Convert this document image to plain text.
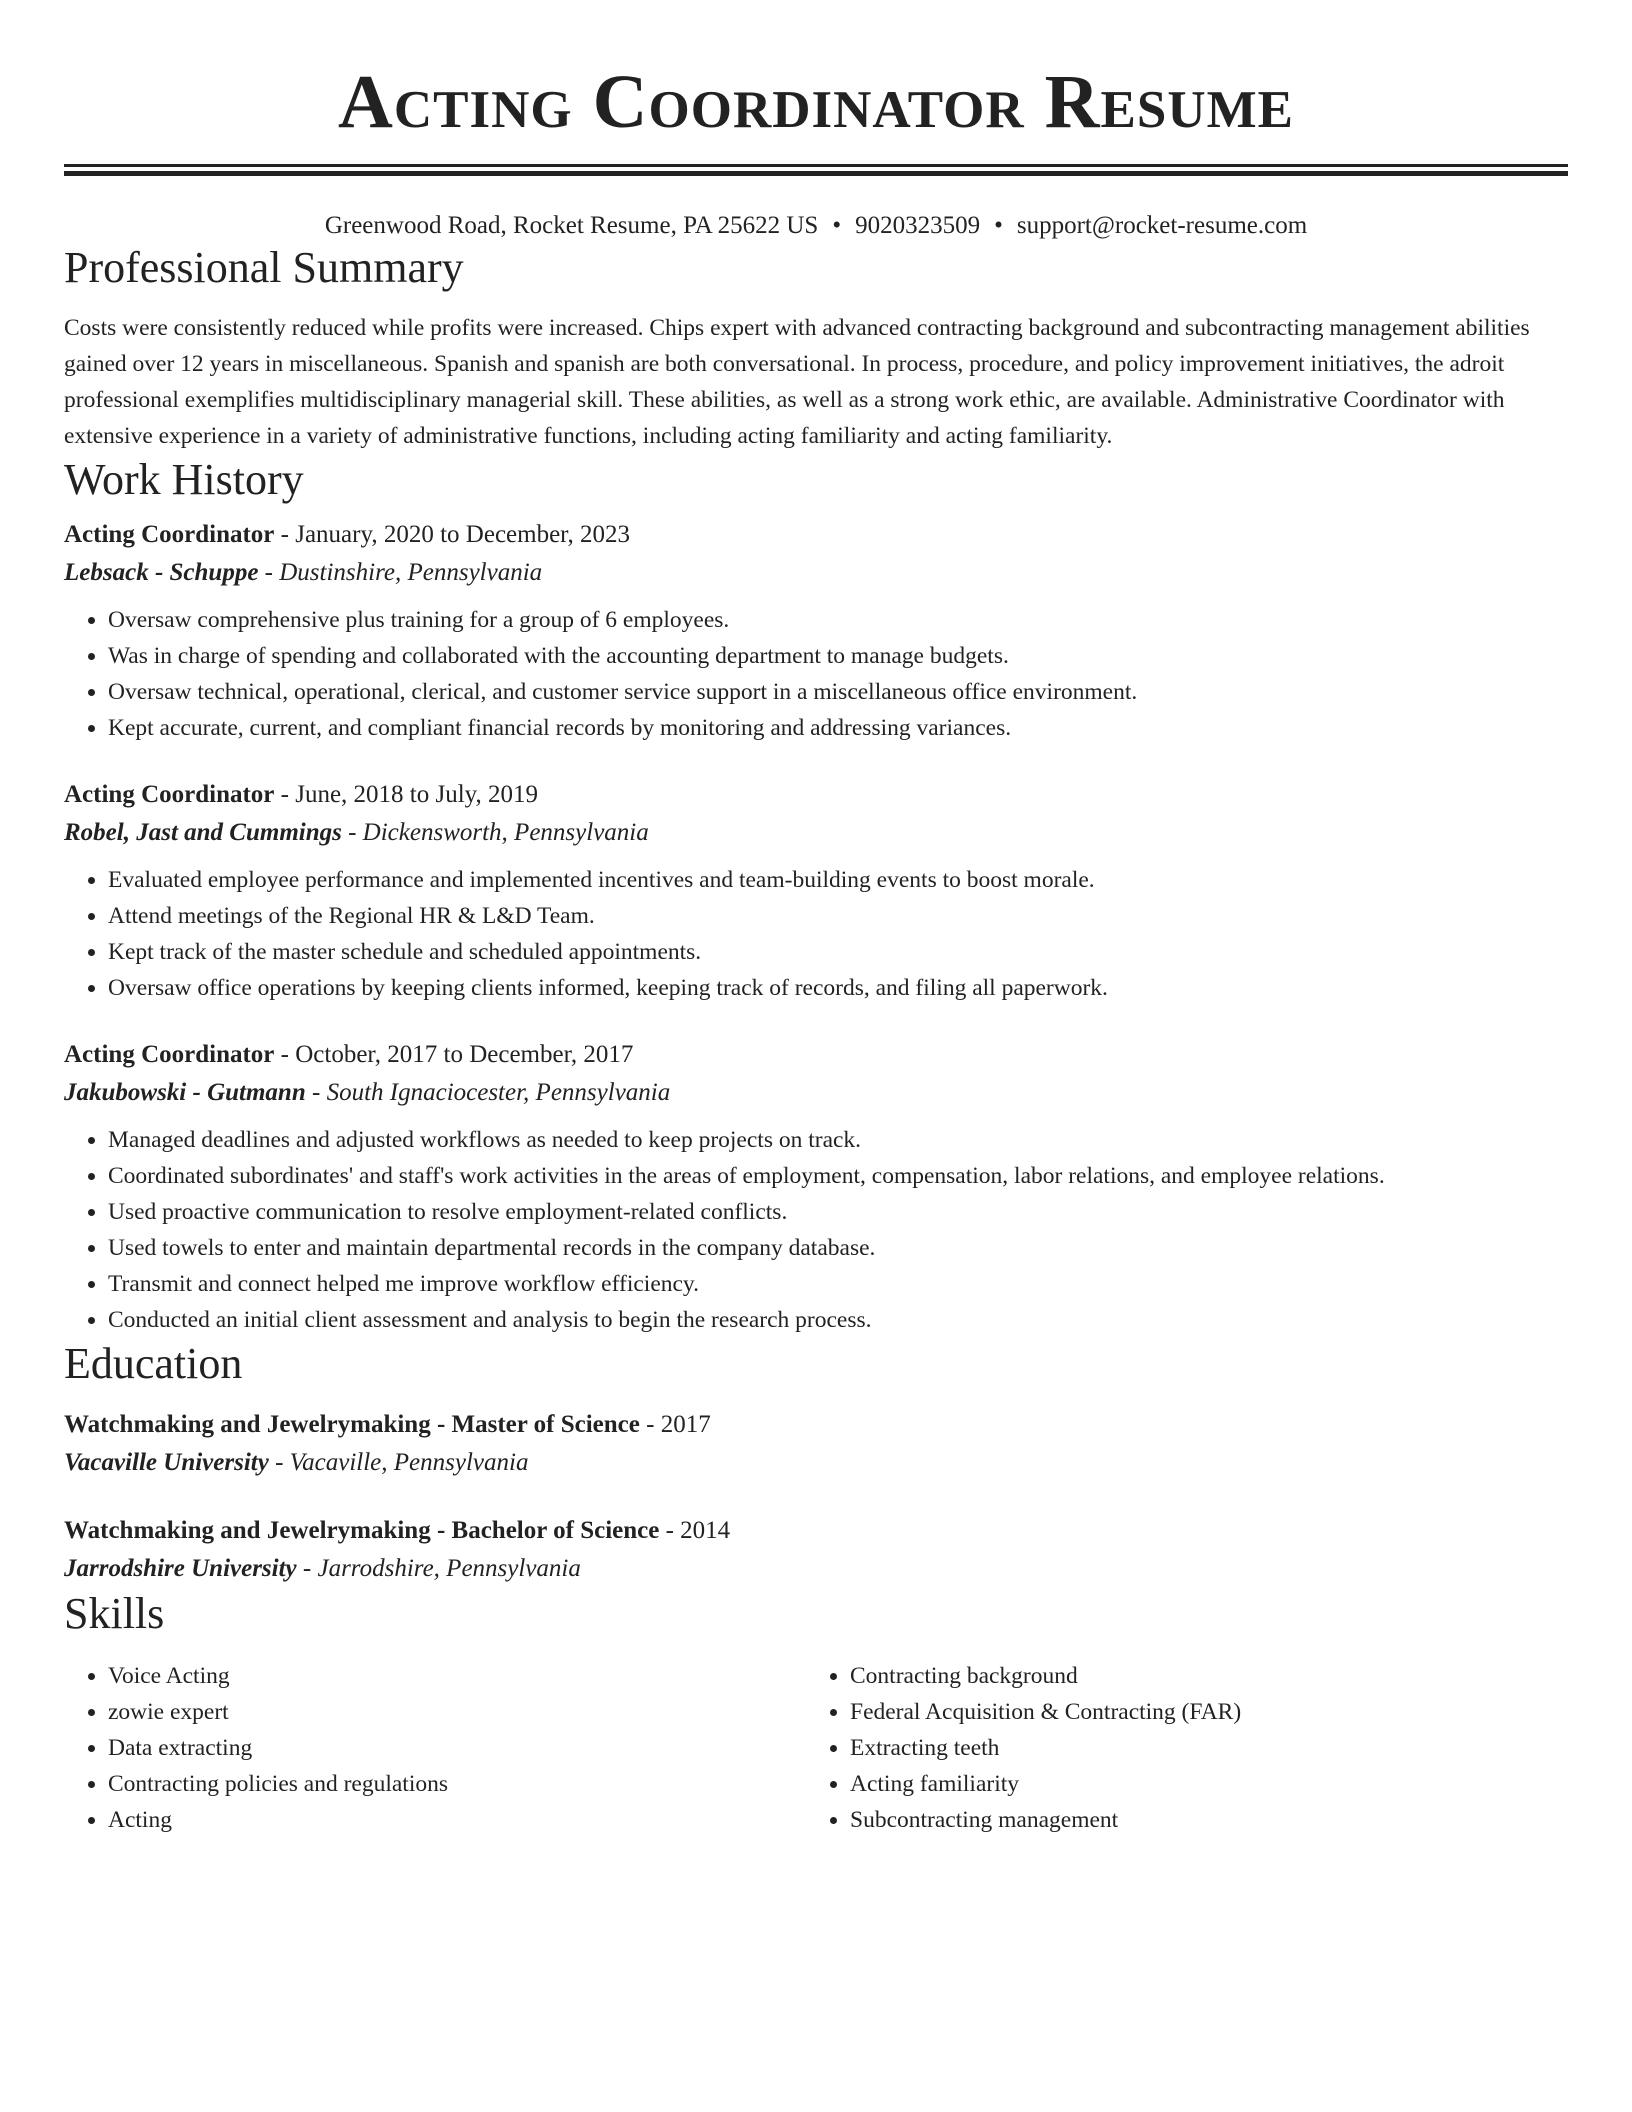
Acting Coordinator Resume
Greenwood Road, Rocket Resume, PA 25622 US • 9020323509 • support@rocket-resume.com
Professional Summary

Costs were consistently reduced while profits were increased. Chips expert with advanced contracting background and subcontracting management abilities gained over 12 years in miscellaneous. Spanish and spanish are both conversational. In process, procedure, and policy improvement initiatives, the adroit professional exemplifies multidisciplinary managerial skill. These abilities, as well as a strong work ethic, are available. Administrative Coordinator with extensive experience in a variety of administrative functions, including acting familiarity and acting familiarity.

Work History
Acting Coordinator - January, 2020 to December, 2023
Lebsack - Schuppe - Dustinshire, Pennsylvania
• Oversaw comprehensive plus training for a group of 6 employees.
• Was in charge of spending and collaborated with the accounting department to manage budgets.
• Oversaw technical, operational, clerical, and customer service support in a miscellaneous office environment.
• Kept accurate, current, and compliant financial records by monitoring and addressing variances.
Acting Coordinator - June, 2018 to July, 2019
Robel, Jast and Cummings - Dickensworth, Pennsylvania
• Evaluated employee performance and implemented incentives and team-building events to boost morale.
• Attend meetings of the Regional HR & L&D Team.
• Kept track of the master schedule and scheduled appointments.
• Oversaw office operations by keeping clients informed, keeping track of records, and filing all paperwork.
Acting Coordinator - October, 2017 to December, 2017
Jakubowski - Gutmann - South Ignaciocester, Pennsylvania
• Managed deadlines and adjusted workflows as needed to keep projects on track.
• Coordinated subordinates' and staff's work activities in the areas of employment, compensation, labor relations, and employee relations.
• Used proactive communication to resolve employment-related conflicts.
• Used towels to enter and maintain departmental records in the company database.
• Transmit and connect helped me improve workflow efficiency.
• Conducted an initial client assessment and analysis to begin the research process.
Education
Watchmaking and Jewelrymaking - Master of Science - 2017
Vacaville University - Vacaville, Pennsylvania
Watchmaking and Jewelrymaking - Bachelor of Science - 2014
Jarrodshire University - Jarrodshire, Pennsylvania
Skills
• Voice Acting
• zowie expert
• Data extracting
• Contracting policies and regulations
• Acting
• Contracting background
• Federal Acquisition & Contracting (FAR)
• Extracting teeth
• Acting familiarity
• Subcontracting management
